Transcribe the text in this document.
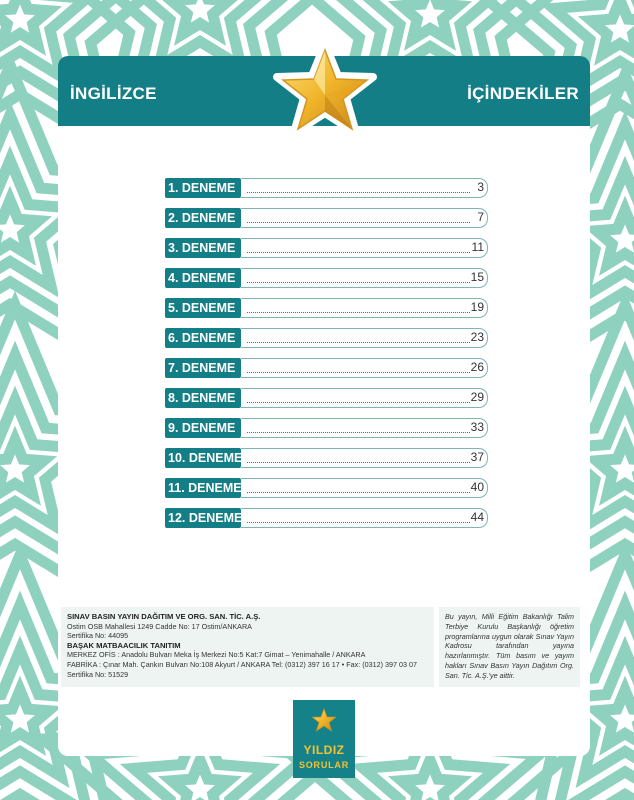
İNGİLİZCE	İÇİNDEKİLER
1. DENEME	3
2. DENEME	7
3. DENEME	11
4. DENEME	15
5. DENEME	19
6. DENEME	23
7. DENEME	26
8. DENEME	29
9. DENEME	33
10. DENEME	37
11. DENEME	40
12. DENEME	44
SINAV BASIN YAYIN DAĞITIM VE ORG. SAN. TİC. A.Ş.
Ostim OSB Mahallesi 1249 Cadde No: 17 Ostim/ANKARA
Sertifika No: 44095
BAŞAK MATBAACILIK TANITIM
MERKEZ OFİS : Anadolu Bulvarı Meka İş Merkezi No:5 Kat:7 Gimat – Yenimahalle / ANKARA
FABRİKA : Çınar Mah. Çankırı Bulvarı No:108 Akyurt / ANKARA Tel: (0312) 397 16 17 • Fax: (0312) 397 03 07
Sertifika No: 51529
Bu yayın, Milli Eğitim Bakanlığı Talim Terbiye Kurulu Başkanlığı öğretim programlarına uygun olarak Sınav Yayın Kadrosu tarafından yayına hazırlanmıştır. Tüm basım ve yayım hakları Sınav Basın Yayın Dağıtım Org. San. Tic. A.Ş.'ye aittir.
YILDIZ
SORULAR
